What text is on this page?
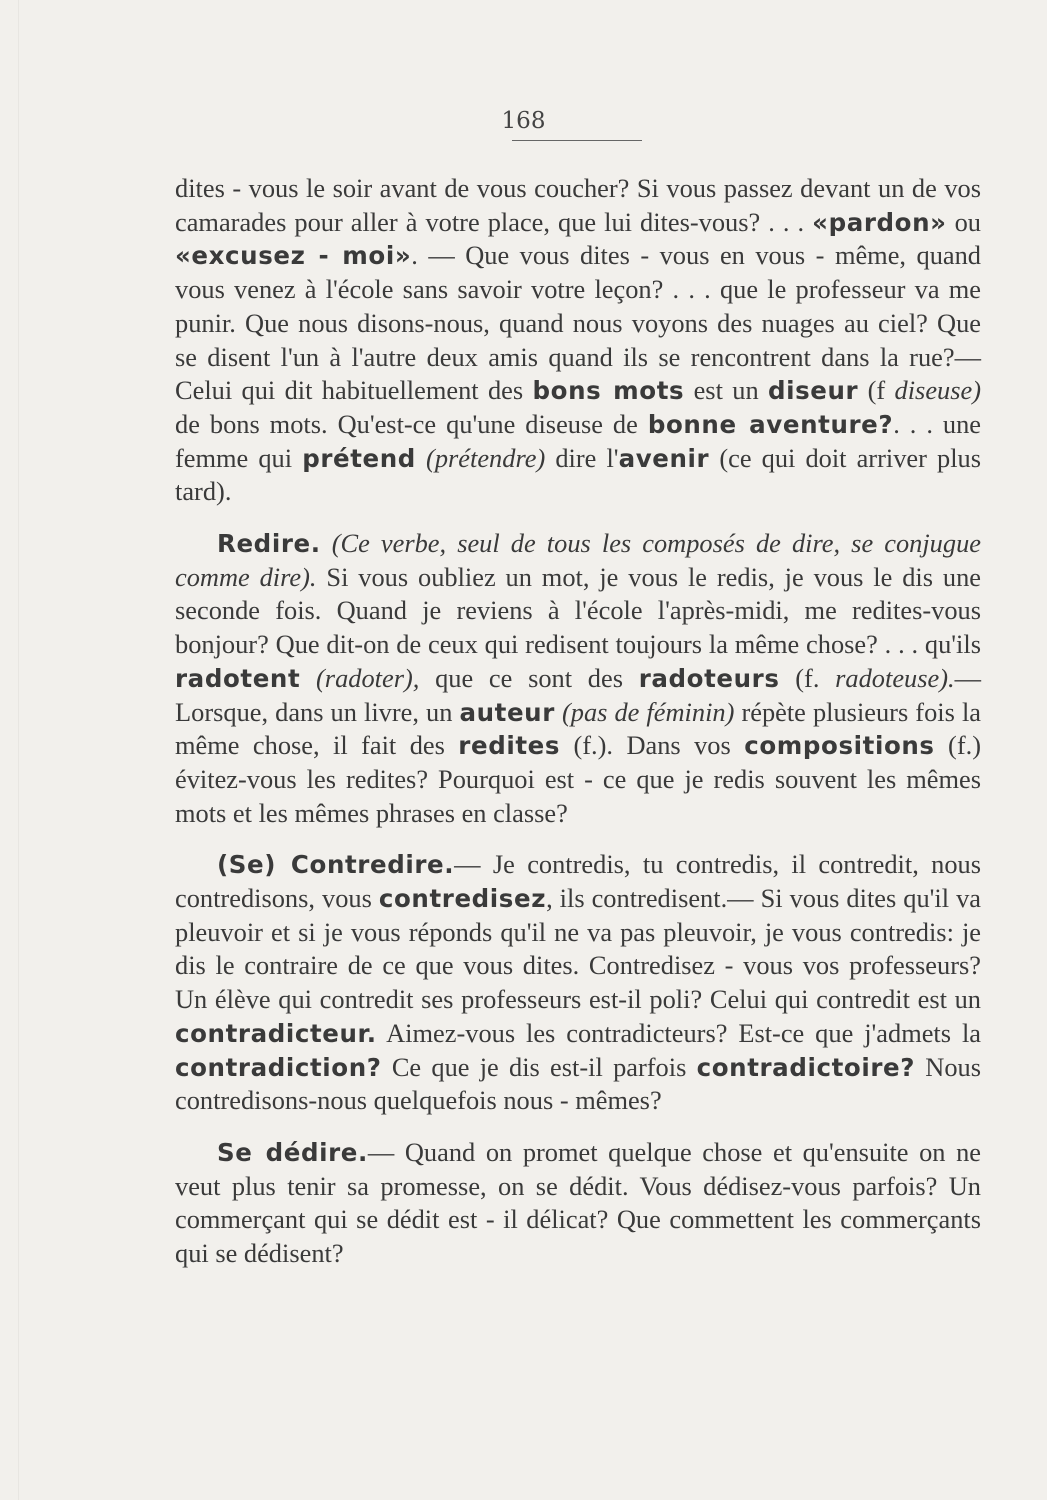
168

dites - vous le soir avant de vous coucher? Si vous passez devant un de vos camarades pour aller à votre place, que lui dites-vous? . . . «pardon» ou «excusez - moi». — Que vous dites - vous en vous - même, quand vous venez à l'école sans savoir votre leçon? . . . que le professeur va me punir. Que nous disons-nous, quand nous voyons des nuages au ciel? Que se disent l'un à l'autre deux amis quand ils se rencontrent dans la rue?— Celui qui dit habituellement des bons mots est un diseur (f diseuse) de bons mots. Qu'est-ce qu'une diseuse de bonne aventure?. . . une femme qui prétend (prétendre) dire l'avenir (ce qui doit arriver plus tard).

Redire. (Ce verbe, seul de tous les composés de dire, se conjugue comme dire). Si vous oubliez un mot, je vous le redis, je vous le dis une seconde fois. Quand je reviens à l'école l'après-midi, me redites-vous bonjour? Que dit-on de ceux qui redisent toujours la même chose? . . . qu'ils radotent (radoter), que ce sont des radoteurs (f. radoteuse).— Lorsque, dans un livre, un auteur (pas de féminin) répète plusieurs fois la même chose, il fait des redites (f.). Dans vos compositions (f.) évitez-vous les redites? Pourquoi est - ce que je redis souvent les mêmes mots et les mêmes phrases en classe?

(Se) Contredire.— Je contredis, tu contredis, il contredit, nous contredisons, vous contredisez, ils contredisent.— Si vous dites qu'il va pleuvoir et si je vous réponds qu'il ne va pas pleuvoir, je vous contredis: je dis le contraire de ce que vous dites. Contredisez - vous vos professeurs? Un élève qui contredit ses professeurs est-il poli? Celui qui contredit est un contradicteur. Aimez-vous les contradicteurs? Est-ce que j'admets la contradiction? Ce que je dis est-il parfois contradictoire? Nous contredisons-nous quelquefois nous - mêmes?

Se dédire.— Quand on promet quelque chose et qu'ensuite on ne veut plus tenir sa promesse, on se dédit. Vous dédisez-vous parfois? Un commerçant qui se dédit est - il délicat? Que commettent les commerçants qui se dédisent?
